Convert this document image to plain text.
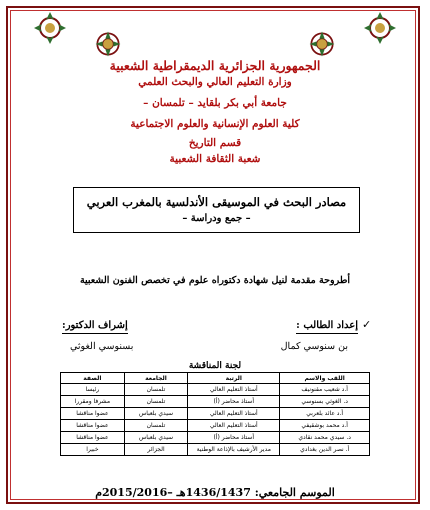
الجمهورية الجزائرية الديمقراطية الشعبية
وزارة التعليم العالي والبحث العلمي
جامعة أبي بكر بلقايد – تلمسان –
كلية العلوم الإنسانية والعلوم الاجتماعية
قسم التاريخ
شعبة الثقافة الشعبية
مصادر البحث في الموسيقى الأندلسية بالمغرب العربي
– جمع ودراسة –
أطروحة مقدمة لنيل شهادة دكتوراه علوم في تخصص الفنون الشعبية
✓
إعداد الطالب :
بن سنوسي كمال
إشراف الدكتور:
بسنوسي الغوثي
لجنة المناقشة
اللقب والاسم	الرتبة	الجامعة	الصفة
أ.د شعيب مقنونيف	أستاذ التعليم العالي	تلمسان	رئيسا
د. الغوثي بسنوسي	أستاذ محاضر (أ)	تلمسان	مشرفا ومقررا
أ.د عائد بلعربي	أستاذ التعليم العالي	سيدي بلعباس	عضوا مناقشا
أ.د محمد بوشقيفي	أستاذ التعليم العالي	تلمسان	عضوا مناقشا
د. سيدي محمد نقادي	أستاذ محاضر (أ)	سيدي بلعباس	عضوا مناقشا
أ. نصر الدين بغدادي	مدير الأرشيف بالإذاعة الوطنية	الجزائر	خبيرا
الموسم الجامعي: 1436/1437هـ –2015/2016م
